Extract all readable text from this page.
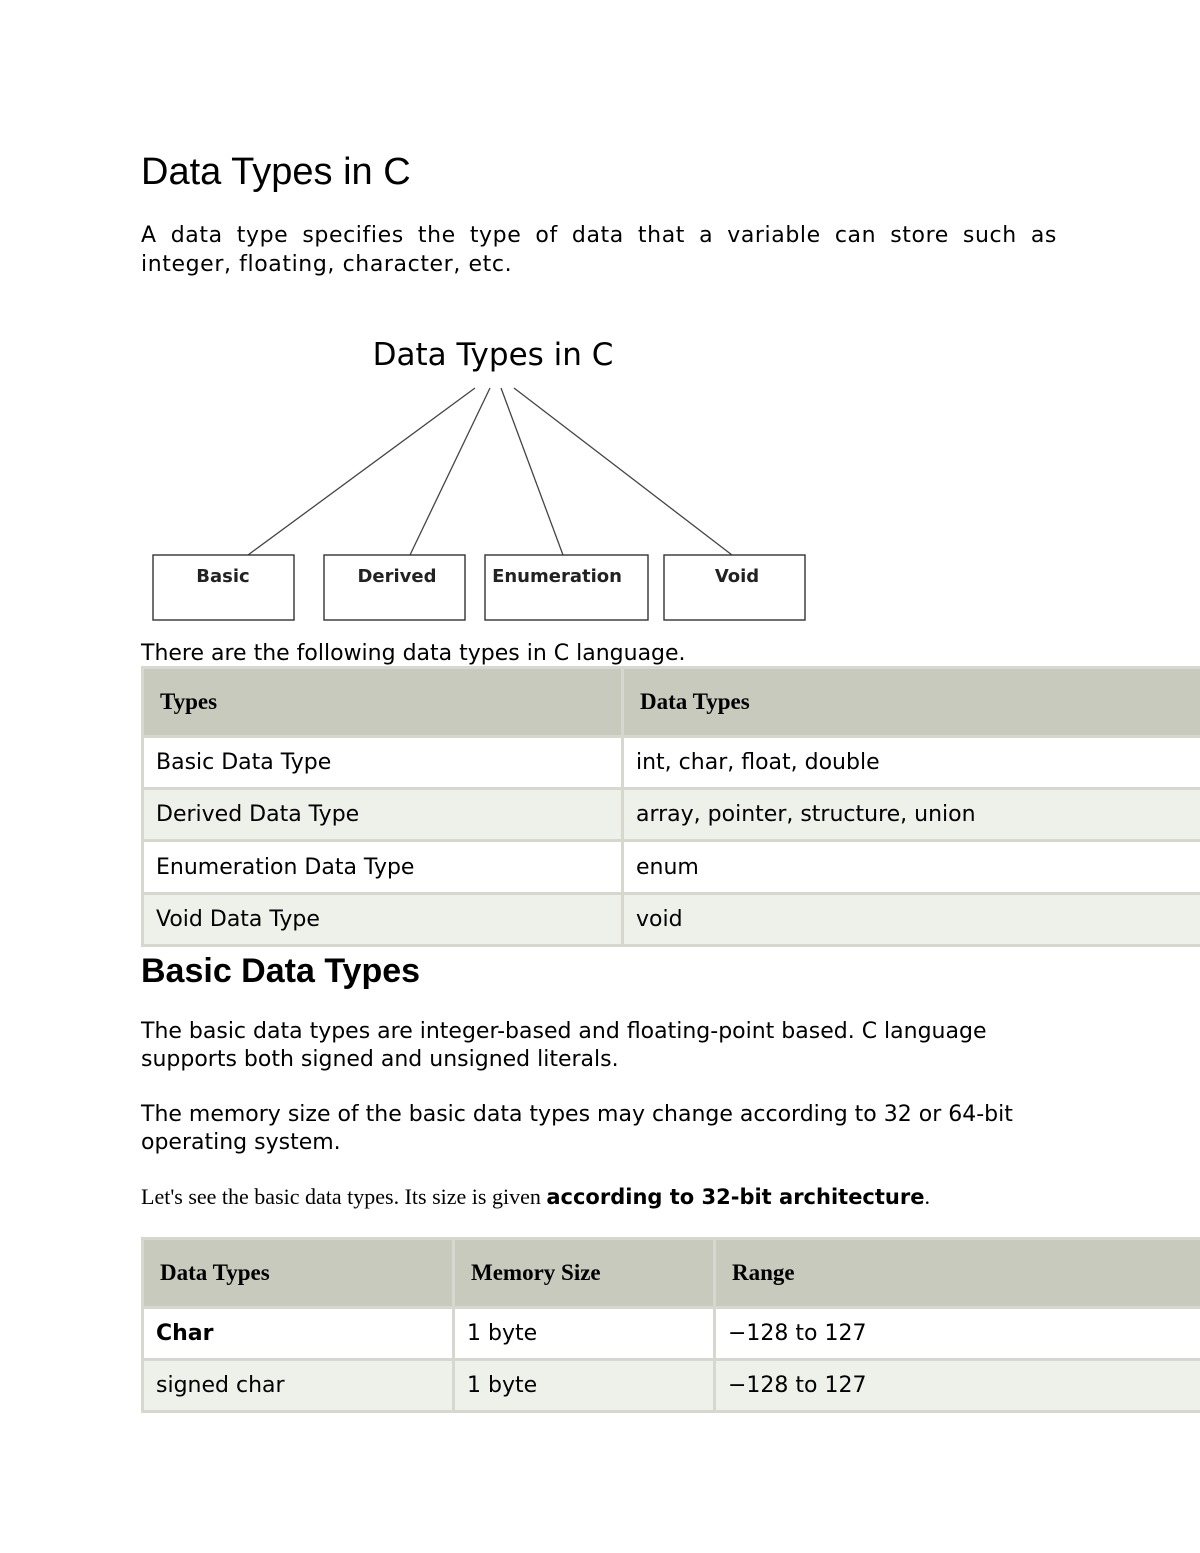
Data Types in C

A data type specifies the type of data that a variable can store such as integer, floating, character, etc.

Data Types in C
Basic	Derived	Enumeration	Void

There are the following data types in C language.

Types	Data Types
Basic Data Type	int, char, float, double
Derived Data Type	array, pointer, structure, union
Enumeration Data Type	enum
Void Data Type	void
Basic Data Types

The basic data types are integer-based and floating-point based. C language supports both signed and unsigned literals.

The memory size of the basic data types may change according to 32 or 64-bit operating system.

Let's see the basic data types. Its size is given according to 32-bit architecture.

Data Types	Memory Size	Range
Char	1 byte	−128 to 127
signed char	1 byte	−128 to 127
